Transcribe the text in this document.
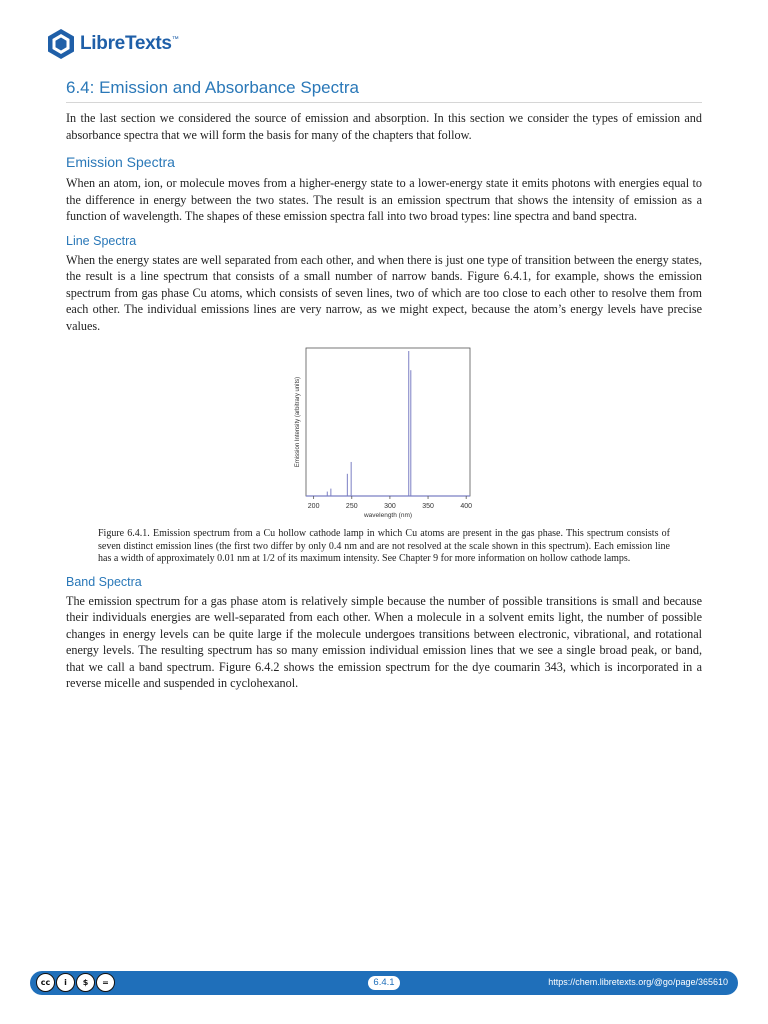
LibreTexts ™
6.4: Emission and Absorbance Spectra

In the last section we considered the source of emission and absorption. In this section we consider the types of emission and absorbance spectra that we will form the basis for many of the chapters that follow.

Emission Spectra

When an atom, ion, or molecule moves from a higher-energy state to a lower-energy state it emits photons with energies equal to the difference in energy between the two states. The result is an emission spectrum that shows the intensity of emission as a function of wavelength. The shapes of these emission spectra fall into two broad types: line spectra and band spectra.

Line Spectra

When the energy states are well separated from each other, and when there is just one type of transition between the energy states, the result is a line spectrum that consists of a small number of narrow bands. Figure 6.4.1, for example, shows the emission spectrum from gas phase Cu atoms, which consists of seven lines, two of which are too close to each other to resolve them from each other. The individual emissions lines are very narrow, as we might expect, because the atom’s energy levels have precise values.

200	250	300	350	400
wavelength (nm)
Emission Intensity (arbitrary units)

Figure 6.4.1. Emission spectrum from a Cu hollow cathode lamp in which Cu atoms are present in the gas phase. This spectrum consists of seven distinct emission lines (the first two differ by only 0.4 nm and are not resolved at the scale shown in this spectrum). Each emission line has a width of approximately 0.01 nm at 1/2 of its maximum intensity. See Chapter 9 for more information on hollow cathode lamps.

Band Spectra

The emission spectrum for a gas phase atom is relatively simple because the number of possible transitions is small and because their individuals energies are well-separated from each other. When a molecule in a solvent emits light, the number of possible changes in energy levels can be quite large if the molecule undergoes transitions between electronic, vibrational, and rotational energy levels. The resulting spectrum has so many emission individual emission lines that we see a single broad peak, or band, that we call a band spectrum. Figure 6.4.2 shows the emission spectrum for the dye coumarin 343, which is incorporated in a reverse micelle and suspended in cyclohexanol.

cc	i	$	=	6.4.1	https://chem.libretexts.org/@go/page/365610
